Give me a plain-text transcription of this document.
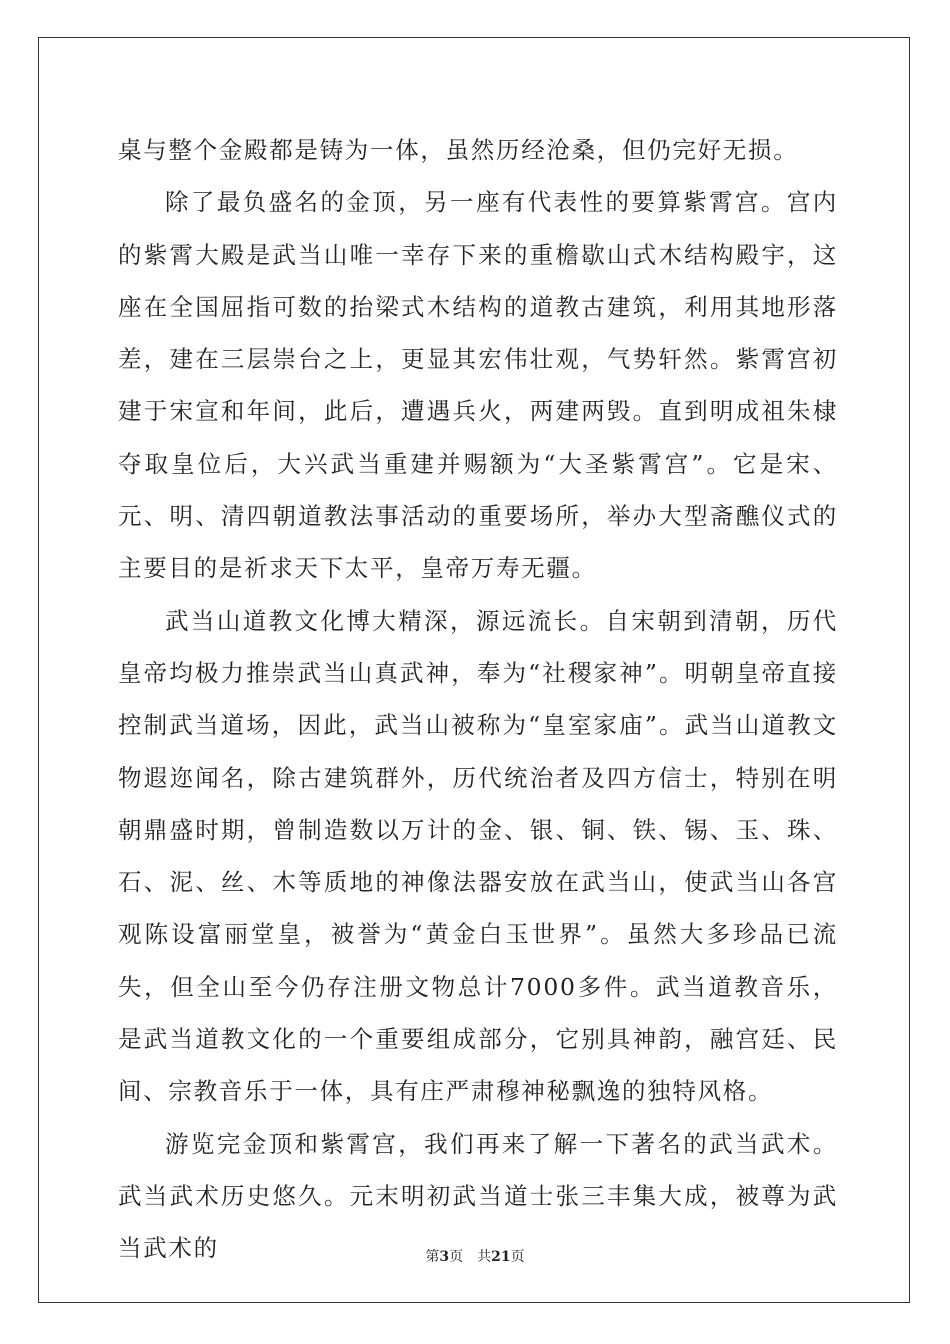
桌与整个金殿都是铸为一体，虽然历经沧桑，但仍完好无损。

除了最负盛名的金顶，另一座有代表性的要算紫霄宫。宫内的紫霄大殿是武当山唯一幸存下来的重檐歇山式木结构殿宇，这座在全国屈指可数的抬梁式木结构的道教古建筑，利用其地形落差，建在三层崇台之上，更显其宏伟壮观，气势轩然。紫霄宫初建于宋宣和年间，此后，遭遇兵火，两建两毁。直到明成祖朱棣夺取皇位后，大兴武当重建并赐额为“大圣紫霄宫”。它是宋、元、明、清四朝道教法事活动的重要场所，举办大型斋醮仪式的主要目的是祈求天下太平，皇帝万寿无疆。

武当山道教文化博大精深，源远流长。自宋朝到清朝，历代皇帝均极力推崇武当山真武神，奉为“社稷家神”。明朝皇帝直接控制武当道场，因此，武当山被称为“皇室家庙”。武当山道教文物遐迩闻名，除古建筑群外，历代统治者及四方信士，特别在明朝鼎盛时期，曾制造数以万计的金、银、铜、铁、锡、玉、珠、石、泥、丝、木等质地的神像法器安放在武当山，使武当山各宫观陈设富丽堂皇，被誉为“黄金白玉世界”。虽然大多珍品已流失，但全山至今仍存注册文物总计7000多件。武当道教音乐，是武当道教文化的一个重要组成部分，它别具神韵，融宫廷、民间、宗教音乐于一体，具有庄严肃穆神秘飘逸的独特风格。

游览完金顶和紫霄宫，我们再来了解一下著名的武当武术。武当武术历史悠久。元末明初武当道士张三丰集大成，被尊为武当武术的	第3页 共21页
